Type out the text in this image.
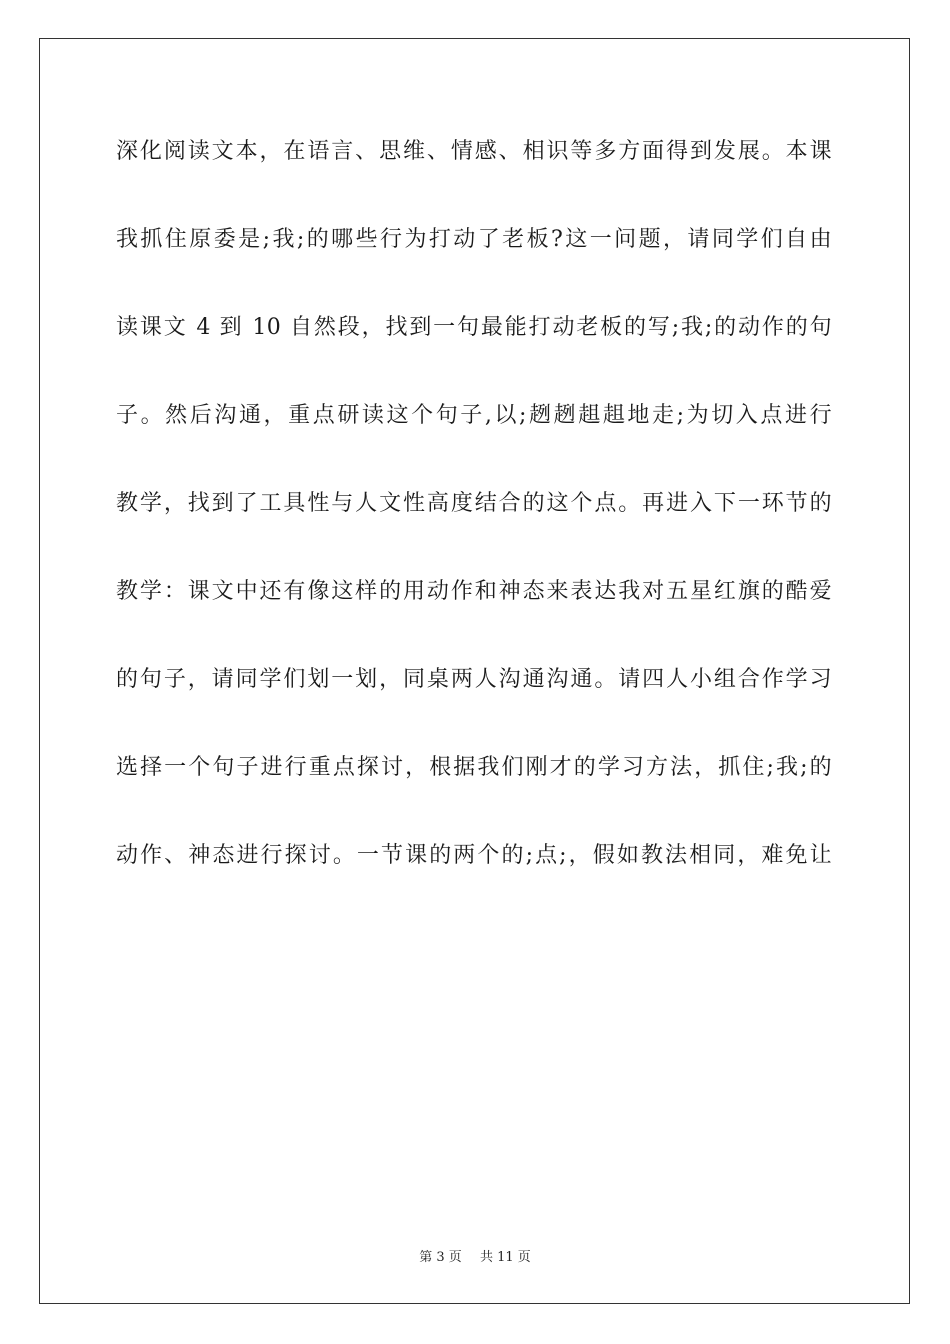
深化阅读文本，在语言、思维、情感、相识等多方面得到发展。本课
我抓住原委是;我;的哪些行为打动了老板?这一问题，请同学们自由
读课文 4 到 10 自然段，找到一句最能打动老板的写;我;的动作的句
子。然后沟通，重点研读这个句子,以;趔趔趄趄地走;为切入点进行
教学，找到了工具性与人文性高度结合的这个点。再进入下一环节的
教学：课文中还有像这样的用动作和神态来表达我对五星红旗的酷爱
的句子，请同学们划一划，同桌两人沟通沟通。请四人小组合作学习
选择一个句子进行重点探讨，根据我们刚才的学习方法，抓住;我;的
动作、神态进行探讨。一节课的两个的;点;，假如教法相同，难免让
第 3 页 共 11 页
